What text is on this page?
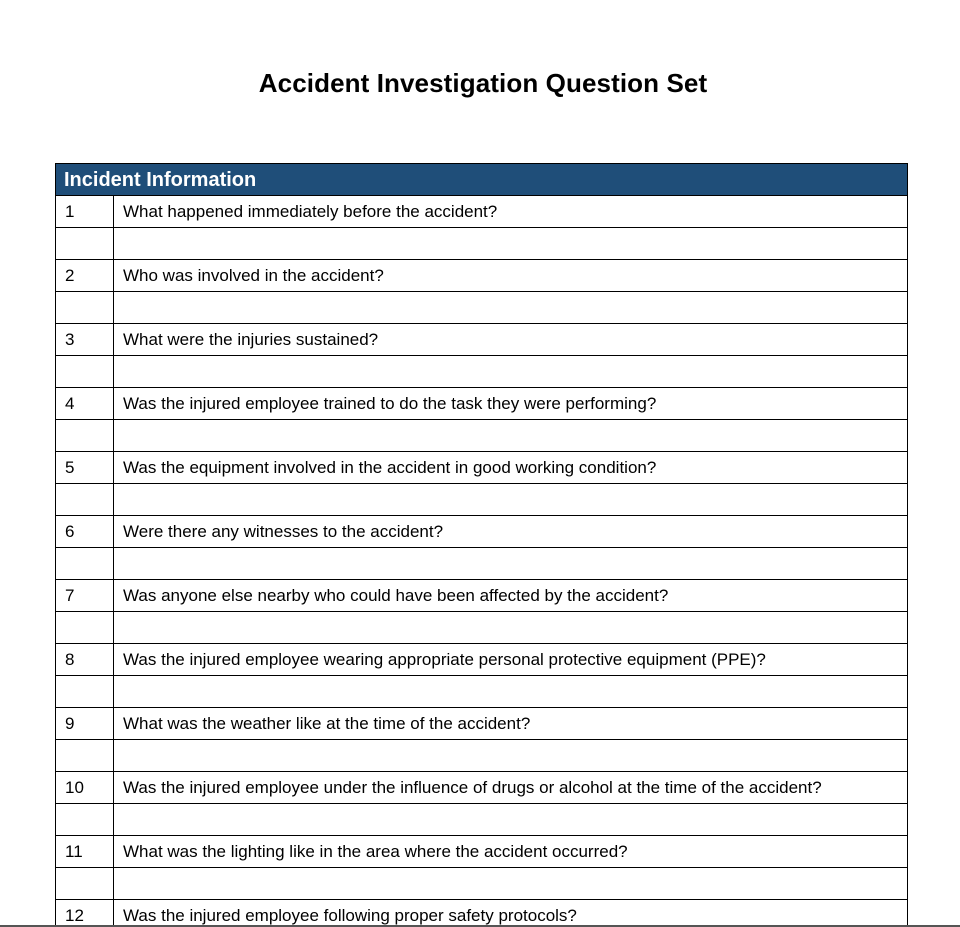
Accident Investigation Question Set
Incident Information
1	What happened immediately before the accident?
2	Who was involved in the accident?
3	What were the injuries sustained?
4	Was the injured employee trained to do the task they were performing?
5	Was the equipment involved in the accident in good working condition?
6	Were there any witnesses to the accident?
7	Was anyone else nearby who could have been affected by the accident?
8	Was the injured employee wearing appropriate personal protective equipment (PPE)?
9	What was the weather like at the time of the accident?
10	Was the injured employee under the influence of drugs or alcohol at the time of the accident?
11	What was the lighting like in the area where the accident occurred?
12	Was the injured employee following proper safety protocols?
